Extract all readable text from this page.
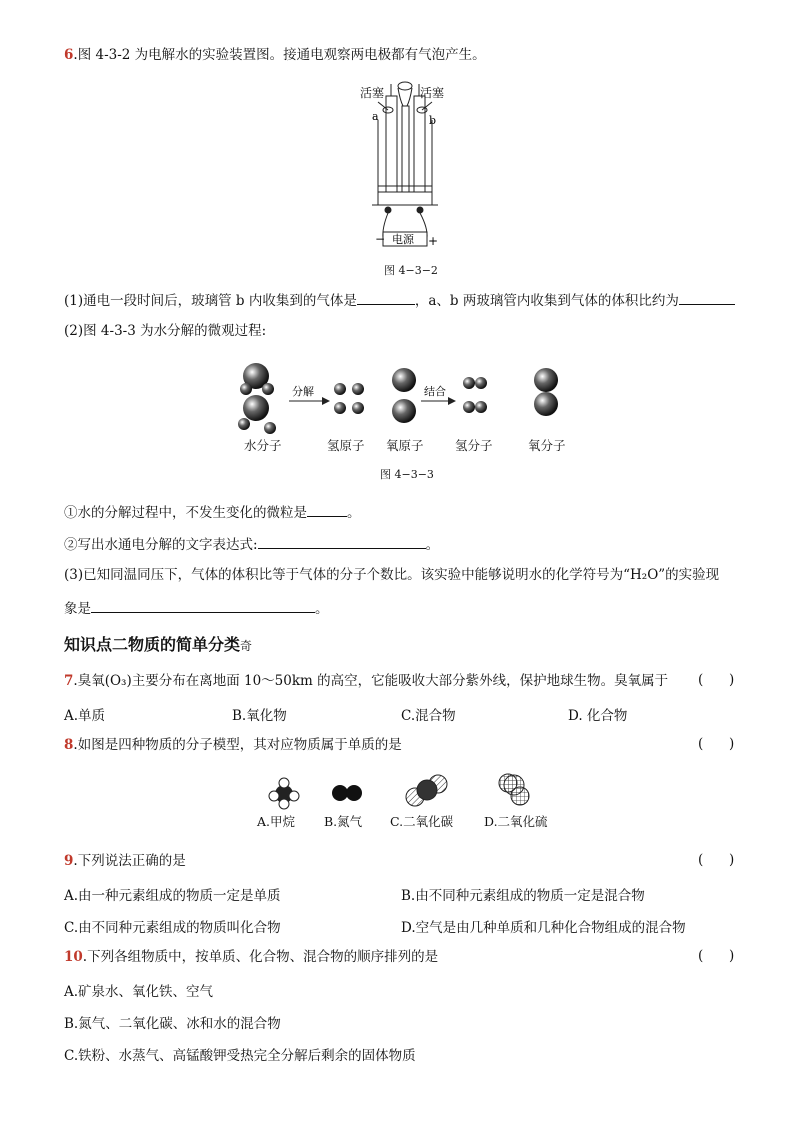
6.图 4-3-2 为电解水的实验装置图。接通电观察两电极都有气泡产生。
a	b
−	+
电源
活塞	活塞
图 4−3−2
(1)通电一段时间后，玻璃管 b 内收集到的气体是	，a、b 两玻璃管内收集到气体的体积比约为
(2)图 4-3-3 为水分解的微观过程:
分解	结合
水分子	氢原子 氧原子	氢分子	氧分子
图 4−3−3
①水的分解过程中，不发生变化的微粒是	。
②写出水通电分解的文字表达式:	。
(3)已知同温同压下，气体的体积比等于气体的分子个数比。该实验中能够说明水的化学符号为“H₂O”的实验现
象是	。
知识点二物质的简单分类奇
7.臭氧(O₃)主要分布在离地面 10～50km 的高空，它能吸收大部分紫外线，保护地球生物。臭氧属于 (      )
A.单质	B.氧化物	C.混合物	D. 化合物
8.如图是四种物质的分子模型，其对应物质属于单质的是	(      )
A.甲烷 B.氮气 C.二氧化碳 D.二氧化硫
9.下列说法正确的是	(      )
A.由一种元素组成的物质一定是单质	B.由不同种元素组成的物质一定是混合物
C.由不同种元素组成的物质叫化合物	D.空气是由几种单质和几种化合物组成的混合物
10.下列各组物质中，按单质、化合物、混合物的顺序排列的是	(      )
A.矿泉水、氧化铁、空气
B.氮气、二氧化碳、冰和水的混合物
C.铁粉、水蒸气、高锰酸钾受热完全分解后剩余的固体物质
